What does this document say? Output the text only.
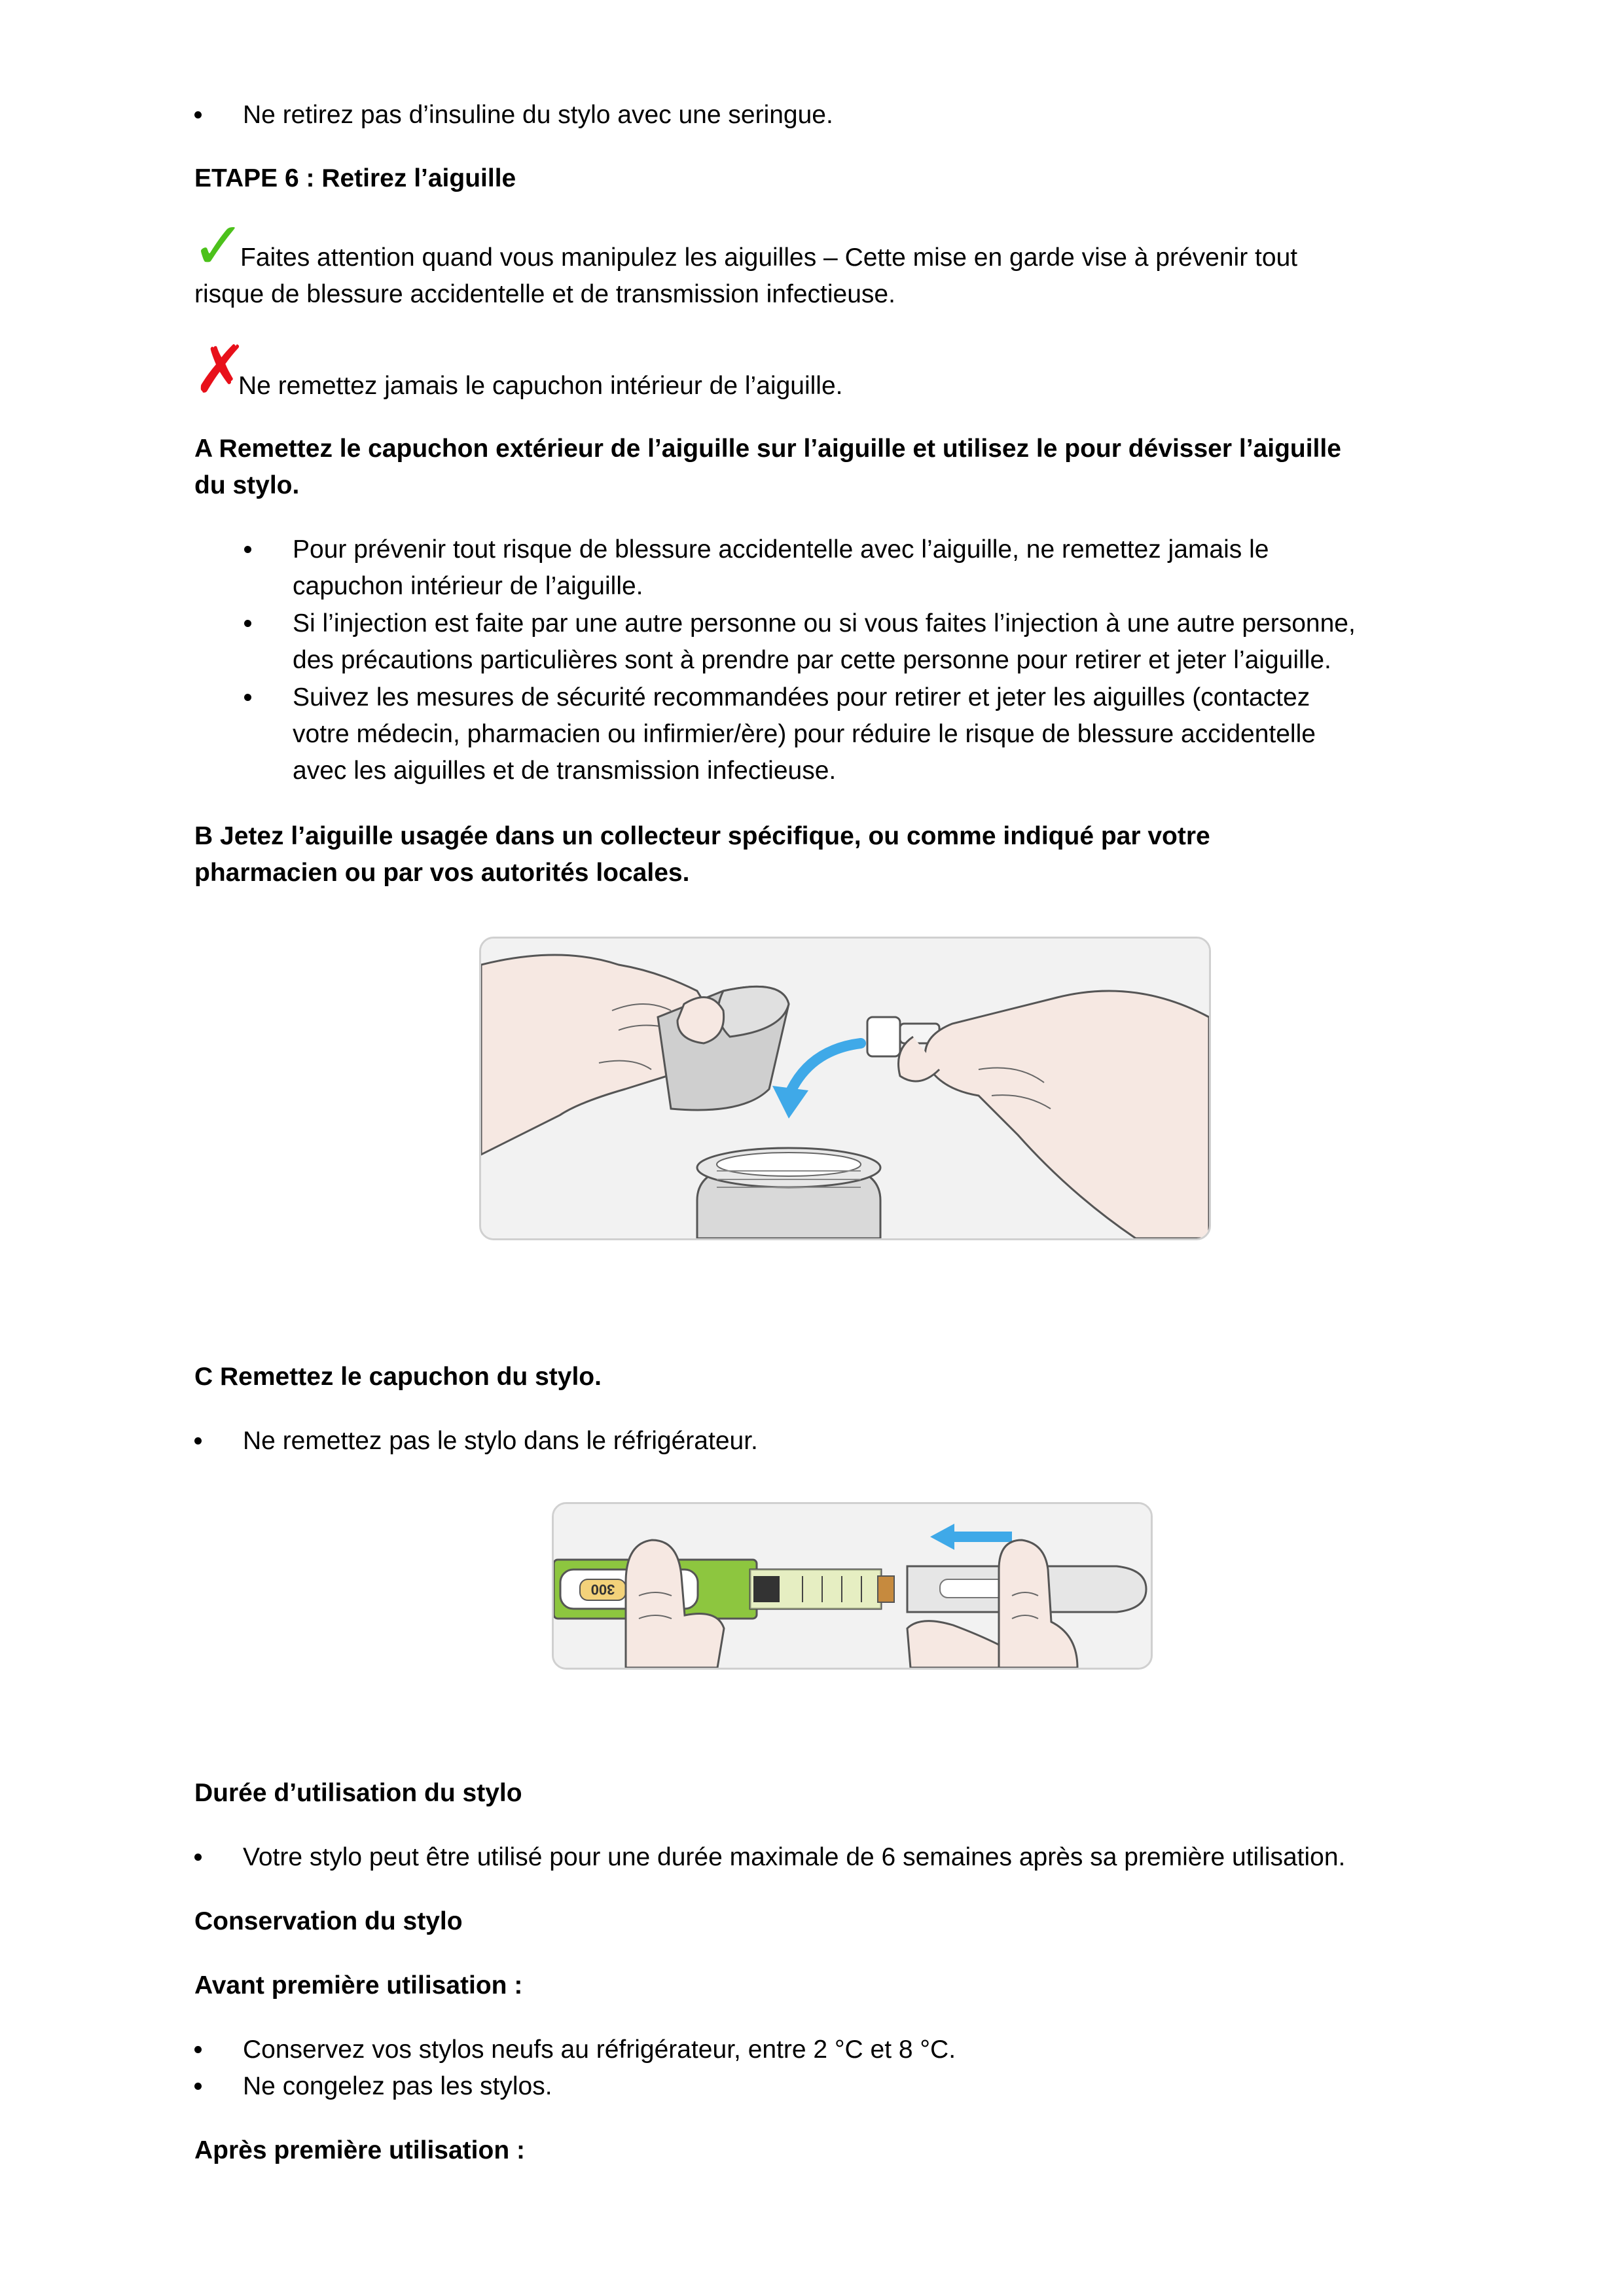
Ne retirez pas d’insuline du stylo avec une seringue.
ETAPE 6 : Retirez l’aiguille
✓
Faites attention quand vous manipulez les aiguilles – Cette mise en garde vise à prévenir tout
risque de blessure accidentelle et de transmission infectieuse.
✗
Ne remettez jamais le capuchon intérieur de l’aiguille.
A Remettez le capuchon extérieur de l’aiguille sur l’aiguille et utilisez le pour dévisser l’aiguille
du stylo.
Pour prévenir tout risque de blessure accidentelle avec l’aiguille, ne remettez jamais le
capuchon intérieur de l’aiguille.
Si l’injection est faite par une autre personne ou si vous faites l’injection à une autre personne,
des précautions particulières sont à prendre par cette personne pour retirer et jeter l’aiguille.
Suivez les mesures de sécurité recommandées pour retirer et jeter les aiguilles (contactez
votre médecin, pharmacien ou infirmier/ère) pour réduire le risque de blessure accidentelle
avec les aiguilles et de transmission infectieuse.
B Jetez l’aiguille usagée dans un collecteur spécifique, ou comme indiqué par votre
pharmacien ou par vos autorités locales.
C Remettez le capuchon du stylo.
Ne remettez pas le stylo dans le réfrigérateur.
300
Durée d’utilisation du stylo
Votre stylo peut être utilisé pour une durée maximale de 6 semaines après sa première utilisation.
Conservation du stylo
Avant première utilisation :
Conservez vos stylos neufs au réfrigérateur, entre 2 °C et 8 °C.
Ne congelez pas les stylos.
Après première utilisation :
